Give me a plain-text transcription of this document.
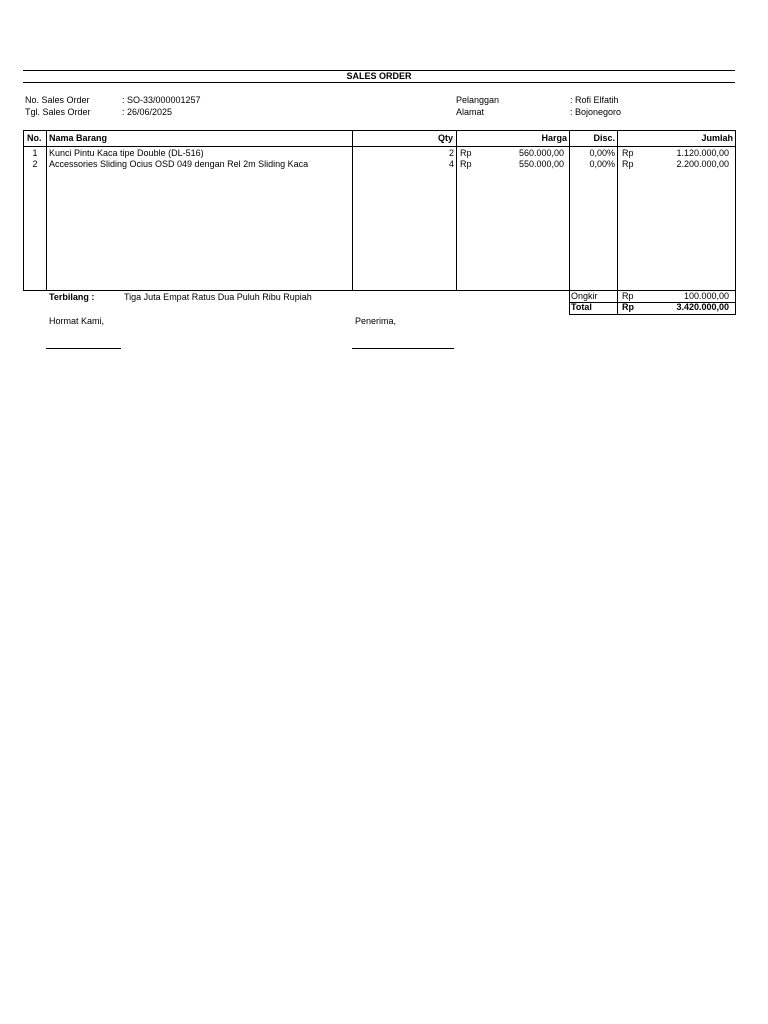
SALES ORDER
No. Sales Order	: SO-33/000001257
Tgl. Sales Order	: 26/06/2025
Pelanggan	: Rofi Elfatih
Alamat	: Bojonegoro
No. Nama Barang	Qty	Harga	Disc.	Jumlah
1	Kunci Pintu Kaca tipe Double (DL-516)	2 Rp	560.000,00	0,00% Rp	1.120.000,00
2	Accessories Sliding Ocius OSD 049 dengan Rel 2m Sliding Kaca	4 Rp	550.000,00	0,00% Rp	2.200.000,00
Terbilang :	Tiga Juta Empat Ratus Dua Puluh Ribu Rupiah	Ongkir	Rp	100.000,00
Total	Rp	3.420.000,00
Hormat Kami,	Penerima,
